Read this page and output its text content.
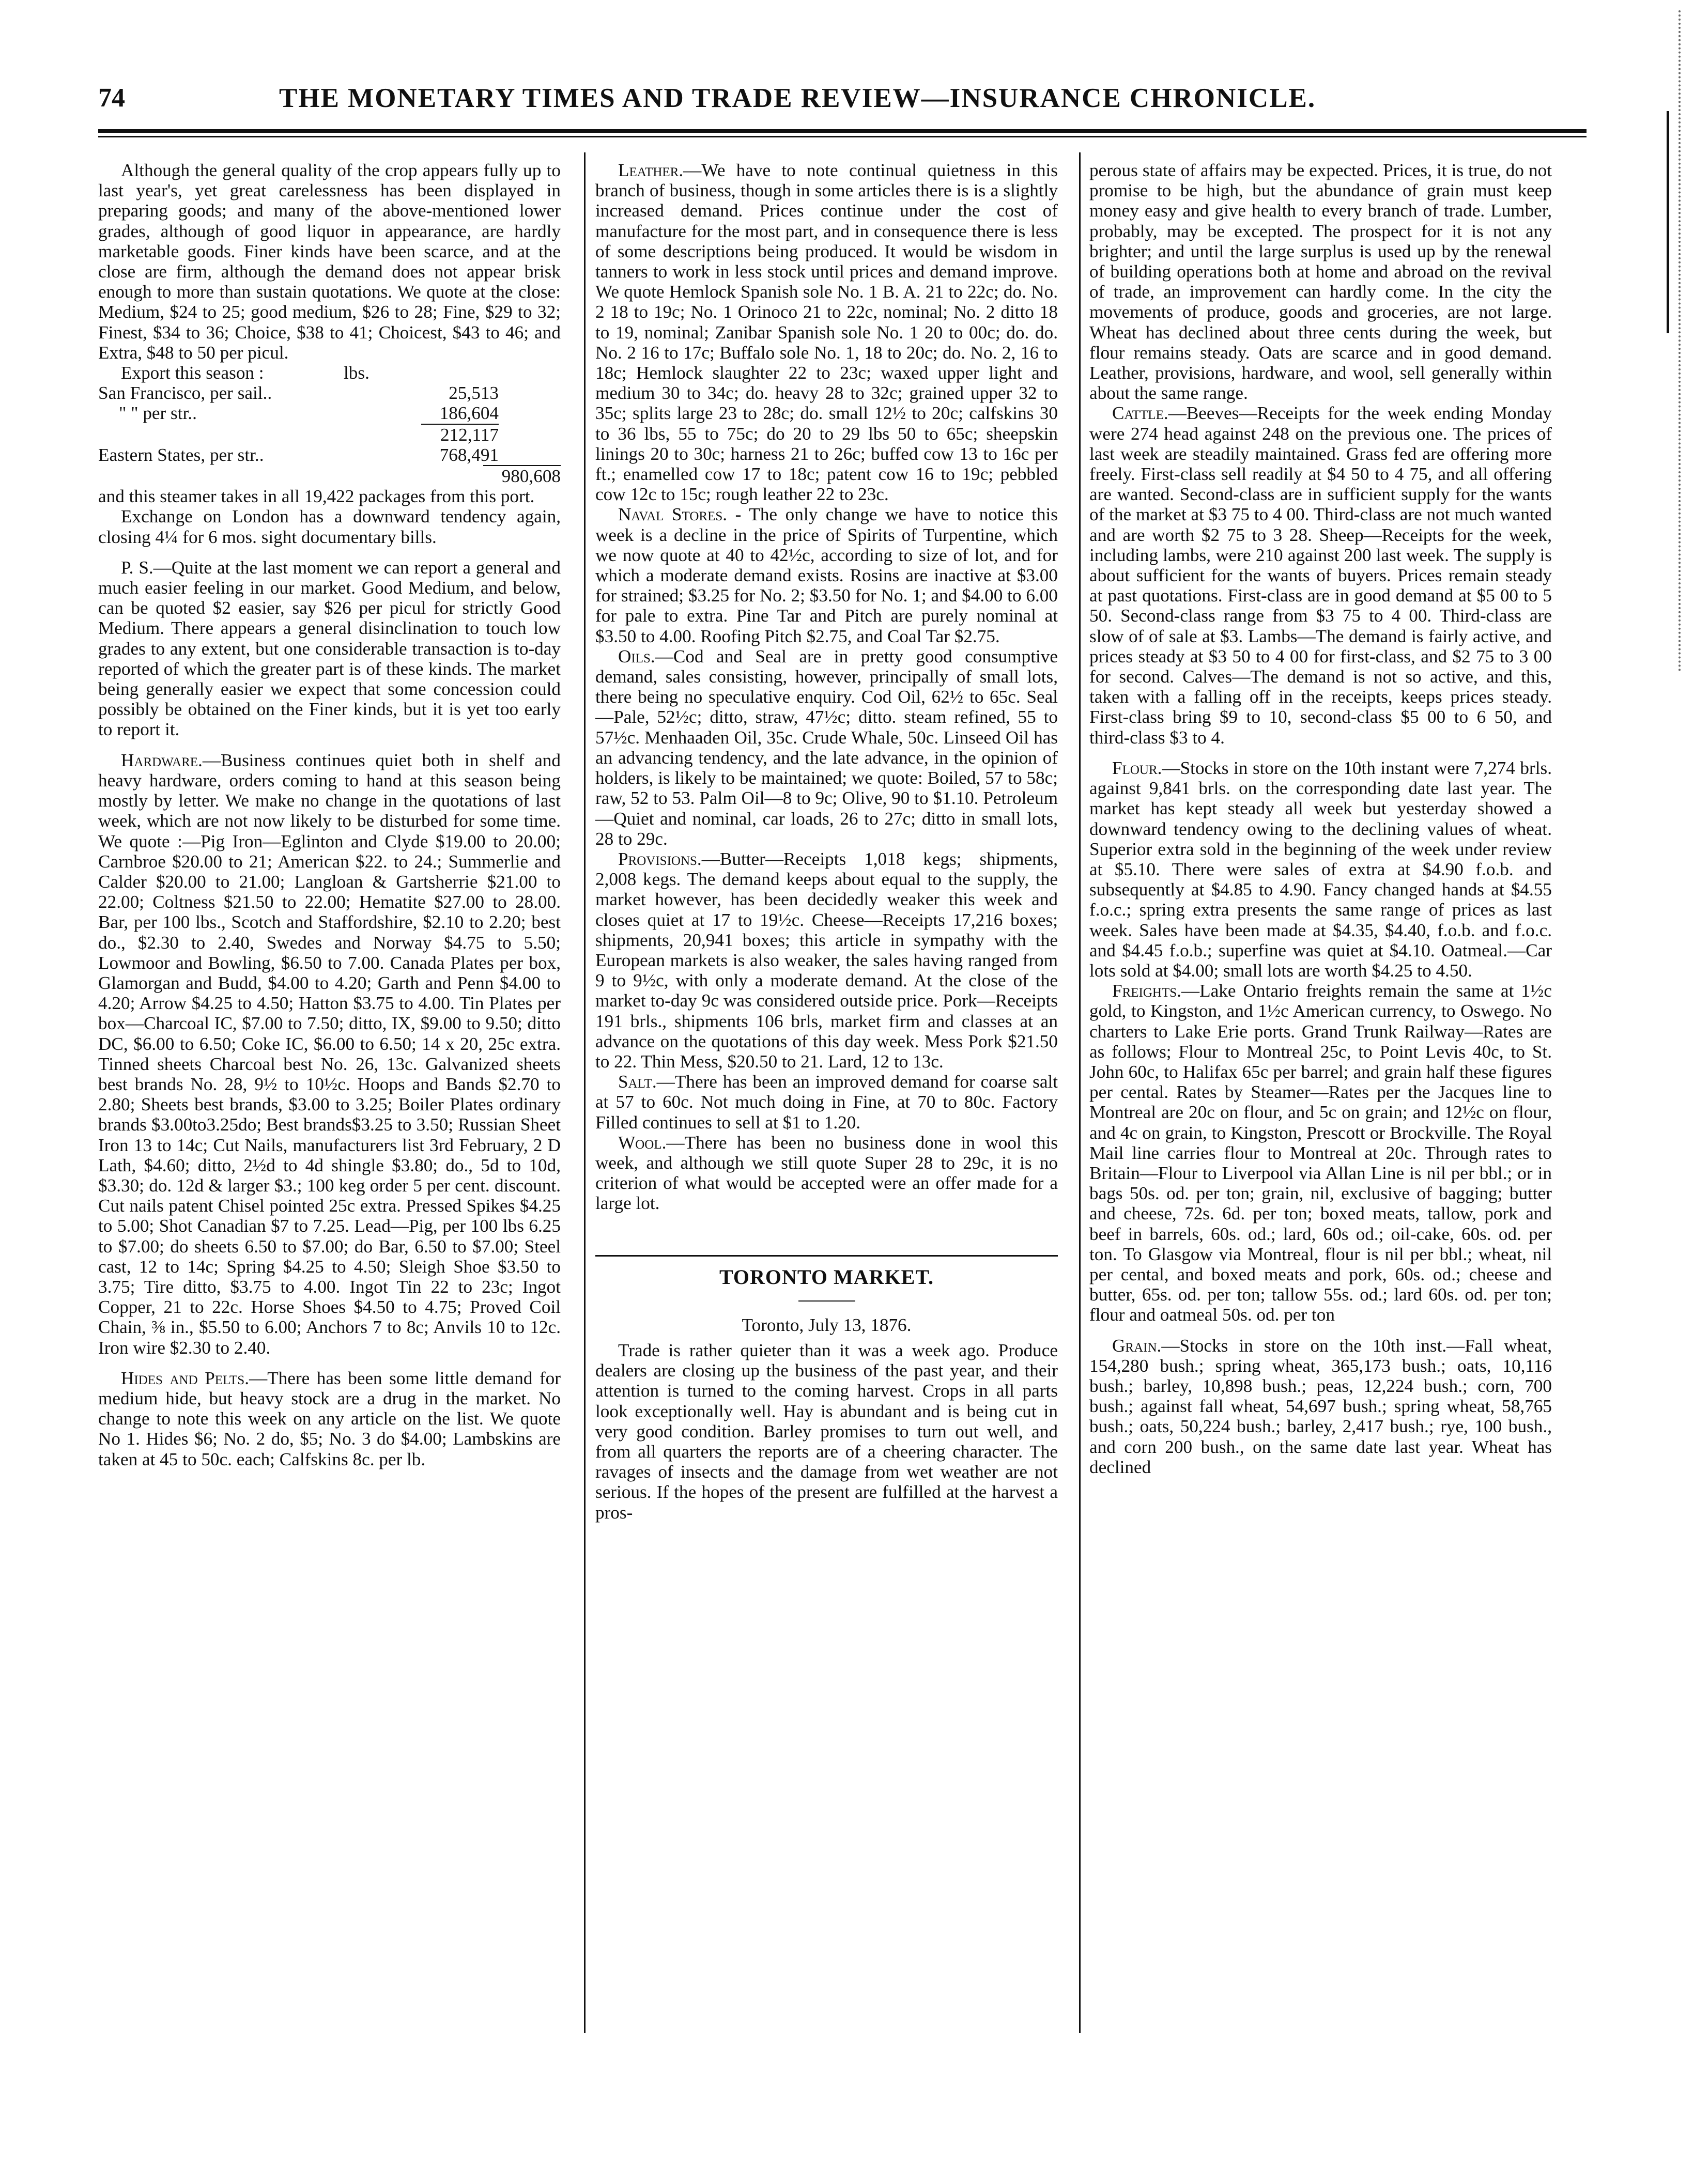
74	THE MONETARY TIMES AND TRADE REVIEW—INSURANCE CHRONICLE.

Although the general quality of the crop appears fully up to last year's, yet great carelessness has been displayed in preparing goods; and many of the above-mentioned lower grades, although of good liquor in appearance, are hardly marketable goods. Finer kinds have been scarce, and at the close are firm, although the demand does not appear brisk enough to more than sustain quotations. We quote at the close: Medium, $24 to 25; good medium, $26 to 28; Fine, $29 to 32; Finest, $34 to 36; Choice, $38 to 41; Choicest, $43 to 46; and Extra, $48 to 50 per picul.

Export this season :	lbs.
San Francisco, per sail..	25,513
" " per str..	186,604
212,117
Eastern States, per str..	768,491
980,608

and this steamer takes in all 19,422 packages from this port.

Exchange on London has a downward tendency again, closing 4¼ for 6 mos. sight documentary bills.

P. S.—Quite at the last moment we can report a general and much easier feeling in our market. Good Medium, and below, can be quoted $2 easier, say $26 per picul for strictly Good Medium. There appears a general disinclination to touch low grades to any extent, but one considerable transaction is to-day reported of which the greater part is of these kinds. The market being generally easier we expect that some concession could possibly be obtained on the Finer kinds, but it is yet too early to report it.

Hardware.—Business continues quiet both in shelf and heavy hardware, orders coming to hand at this season being mostly by letter. We make no change in the quotations of last week, which are not now likely to be disturbed for some time. We quote :—Pig Iron—Eglinton and Clyde $19.00 to 20.00; Carnbroe $20.00 to 21; American $22. to 24.; Summerlie and Calder $20.00 to 21.00; Langloan & Gartsherrie $21.00 to 22.00; Coltness $21.50 to 22.00; Hematite $27.00 to 28.00. Bar, per 100 lbs., Scotch and Staffordshire, $2.10 to 2.20; best do., $2.30 to 2.40, Swedes and Norway $4.75 to 5.50; Lowmoor and Bowling, $6.50 to 7.00. Canada Plates per box, Glamorgan and Budd, $4.00 to 4.20; Garth and Penn $4.00 to 4.20; Arrow $4.25 to 4.50; Hatton $3.75 to 4.00. Tin Plates per box—Charcoal IC, $7.00 to 7.50; ditto, IX, $9.00 to 9.50; ditto DC, $6.00 to 6.50; Coke IC, $6.00 to 6.50; 14 x 20, 25c extra. Tinned sheets Charcoal best No. 26, 13c. Galvanized sheets best brands No. 28, 9½ to 10½c. Hoops and Bands $2.70 to 2.80; Sheets best brands, $3.00 to 3.25; Boiler Plates ordinary brands $3.00to3.25do; Best brands$3.25 to 3.50; Russian Sheet Iron 13 to 14c; Cut Nails, manufacturers list 3rd February, 2 D Lath, $4.60; ditto, 2½d to 4d shingle $3.80; do., 5d to 10d, $3.30; do. 12d & larger $3.; 100 keg order 5 per cent. discount. Cut nails patent Chisel pointed 25c extra. Pressed Spikes $4.25 to 5.00; Shot Canadian $7 to 7.25. Lead—Pig, per 100 lbs 6.25 to $7.00; do sheets 6.50 to $7.00; do Bar, 6.50 to $7.00; Steel cast, 12 to 14c; Spring $4.25 to 4.50; Sleigh Shoe $3.50 to 3.75; Tire ditto, $3.75 to 4.00. Ingot Tin 22 to 23c; Ingot Copper, 21 to 22c. Horse Shoes $4.50 to 4.75; Proved Coil Chain, ⅜ in., $5.50 to 6.00; Anchors 7 to 8c; Anvils 10 to 12c. Iron wire $2.30 to 2.40.

Hides and Pelts.—There has been some little demand for medium hide, but heavy stock are a drug in the market. No change to note this week on any article on the list. We quote No 1. Hides $6; No. 2 do, $5; No. 3 do $4.00; Lambskins are taken at 45 to 50c. each; Calfskins 8c. per lb.

Leather.—We have to note continual quietness in this branch of business, though in some articles there is is a slightly increased demand. Prices continue under the cost of manufacture for the most part, and in consequence there is less of some descriptions being produced. It would be wisdom in tanners to work in less stock until prices and demand improve. We quote Hemlock Spanish sole No. 1 B. A. 21 to 22c; do. No. 2 18 to 19c; No. 1 Orinoco 21 to 22c, nominal; No. 2 ditto 18 to 19, nominal; Zanibar Spanish sole No. 1 20 to 00c; do. do. No. 2 16 to 17c; Buffalo sole No. 1, 18 to 20c; do. No. 2, 16 to 18c; Hemlock slaughter 22 to 23c; waxed upper light and medium 30 to 34c; do. heavy 28 to 32c; grained upper 32 to 35c; splits large 23 to 28c; do. small 12½ to 20c; calfskins 30 to 36 lbs, 55 to 75c; do 20 to 29 lbs 50 to 65c; sheepskin linings 20 to 30c; harness 21 to 26c; buffed cow 13 to 16c per ft.; enamelled cow 17 to 18c; patent cow 16 to 19c; pebbled cow 12c to 15c; rough leather 22 to 23c.

Naval Stores. - The only change we have to notice this week is a decline in the price of Spirits of Turpentine, which we now quote at 40 to 42½c, according to size of lot, and for which a moderate demand exists. Rosins are inactive at $3.00 for strained; $3.25 for No. 2; $3.50 for No. 1; and $4.00 to 6.00 for pale to extra. Pine Tar and Pitch are purely nominal at $3.50 to 4.00. Roofing Pitch $2.75, and Coal Tar $2.75.

Oils.—Cod and Seal are in pretty good consumptive demand, sales consisting, however, principally of small lots, there being no speculative enquiry. Cod Oil, 62½ to 65c. Seal—Pale, 52½c; ditto, straw, 47½c; ditto. steam refined, 55 to 57½c. Menhaaden Oil, 35c. Crude Whale, 50c. Linseed Oil has an advancing tendency, and the late advance, in the opinion of holders, is likely to be maintained; we quote: Boiled, 57 to 58c; raw, 52 to 53. Palm Oil—8 to 9c; Olive, 90 to $1.10. Petroleum—Quiet and nominal, car loads, 26 to 27c; ditto in small lots, 28 to 29c.

Provisions.—Butter—Receipts 1,018 kegs; shipments, 2,008 kegs. The demand keeps about equal to the supply, the market however, has been decidedly weaker this week and closes quiet at 17 to 19½c. Cheese—Receipts 17,216 boxes; shipments, 20,941 boxes; this article in sympathy with the European markets is also weaker, the sales having ranged from 9 to 9½c, with only a moderate demand. At the close of the market to-day 9c was considered outside price. Pork—Receipts 191 brls., shipments 106 brls, market firm and classes at an advance on the quotations of this day week. Mess Pork $21.50 to 22. Thin Mess, $20.50 to 21. Lard, 12 to 13c.

Salt.—There has been an improved demand for coarse salt at 57 to 60c. Not much doing in Fine, at 70 to 80c. Factory Filled continues to sell at $1 to 1.20.

Wool.—There has been no business done in wool this week, and although we still quote Super 28 to 29c, it is no criterion of what would be accepted were an offer made for a large lot.

TORONTO MARKET.
Toronto, July 13, 1876.

Trade is rather quieter than it was a week ago. Produce dealers are closing up the business of the past year, and their attention is turned to the coming harvest. Crops in all parts look exceptionally well. Hay is abundant and is being cut in very good condition. Barley promises to turn out well, and from all quarters the reports are of a cheering character. The ravages of insects and the damage from wet weather are not serious. If the hopes of the present are fulfilled at the harvest a pros-

perous state of affairs may be expected. Prices, it is true, do not promise to be high, but the abundance of grain must keep money easy and give health to every branch of trade. Lumber, probably, may be excepted. The prospect for it is not any brighter; and until the large surplus is used up by the renewal of building operations both at home and abroad on the revival of trade, an improvement can hardly come. In the city the movements of produce, goods and groceries, are not large. Wheat has declined about three cents during the week, but flour remains steady. Oats are scarce and in good demand. Leather, provisions, hardware, and wool, sell generally within about the same range.

Cattle.—Beeves—Receipts for the week ending Monday were 274 head against 248 on the previous one. The prices of last week are steadily maintained. Grass fed are offering more freely. First-class sell readily at $4 50 to 4 75, and all offering are wanted. Second-class are in sufficient supply for the wants of the market at $3 75 to 4 00. Third-class are not much wanted and are worth $2 75 to 3 28. Sheep—Receipts for the week, including lambs, were 210 against 200 last week. The supply is about sufficient for the wants of buyers. Prices remain steady at past quotations. First-class are in good demand at $5 00 to 5 50. Second-class range from $3 75 to 4 00. Third-class are slow of of sale at $3. Lambs—The demand is fairly active, and prices steady at $3 50 to 4 00 for first-class, and $2 75 to 3 00 for second. Calves—The demand is not so active, and this, taken with a falling off in the receipts, keeps prices steady. First-class bring $9 to 10, second-class $5 00 to 6 50, and third-class $3 to 4.

Flour.—Stocks in store on the 10th instant were 7,274 brls. against 9,841 brls. on the corresponding date last year. The market has kept steady all week but yesterday showed a downward tendency owing to the declining values of wheat. Superior extra sold in the beginning of the week under review at $5.10. There were sales of extra at $4.90 f.o.b. and subsequently at $4.85 to 4.90. Fancy changed hands at $4.55 f.o.c.; spring extra presents the same range of prices as last week. Sales have been made at $4.35, $4.40, f.o.b. and f.o.c. and $4.45 f.o.b.; superfine was quiet at $4.10. Oatmeal.—Car lots sold at $4.00; small lots are worth $4.25 to 4.50.

Freights.—Lake Ontario freights remain the same at 1½c gold, to Kingston, and 1½c American currency, to Oswego. No charters to Lake Erie ports. Grand Trunk Railway—Rates are as follows; Flour to Montreal 25c, to Point Levis 40c, to St. John 60c, to Halifax 65c per barrel; and grain half these figures per cental. Rates by Steamer—Rates per the Jacques line to Montreal are 20c on flour, and 5c on grain; and 12½c on flour, and 4c on grain, to Kingston, Prescott or Brockville. The Royal Mail line carries flour to Montreal at 20c. Through rates to Britain—Flour to Liverpool via Allan Line is nil per bbl.; or in bags 50s. od. per ton; grain, nil, exclusive of bagging; butter and cheese, 72s. 6d. per ton; boxed meats, tallow, pork and beef in barrels, 60s. od.; lard, 60s od.; oil-cake, 60s. od. per ton. To Glasgow via Montreal, flour is nil per bbl.; wheat, nil per cental, and boxed meats and pork, 60s. od.; cheese and butter, 65s. od. per ton; tallow 55s. od.; lard 60s. od. per ton; flour and oatmeal 50s. od. per ton

Grain.—Stocks in store on the 10th inst.—Fall wheat, 154,280 bush.; spring wheat, 365,173 bush.; oats, 10,116 bush.; barley, 10,898 bush.; peas, 12,224 bush.; corn, 700 bush.; against fall wheat, 54,697 bush.; spring wheat, 58,765 bush.; oats, 50,224 bush.; barley, 2,417 bush.; rye, 100 bush., and corn 200 bush., on the same date last year. Wheat has declined
